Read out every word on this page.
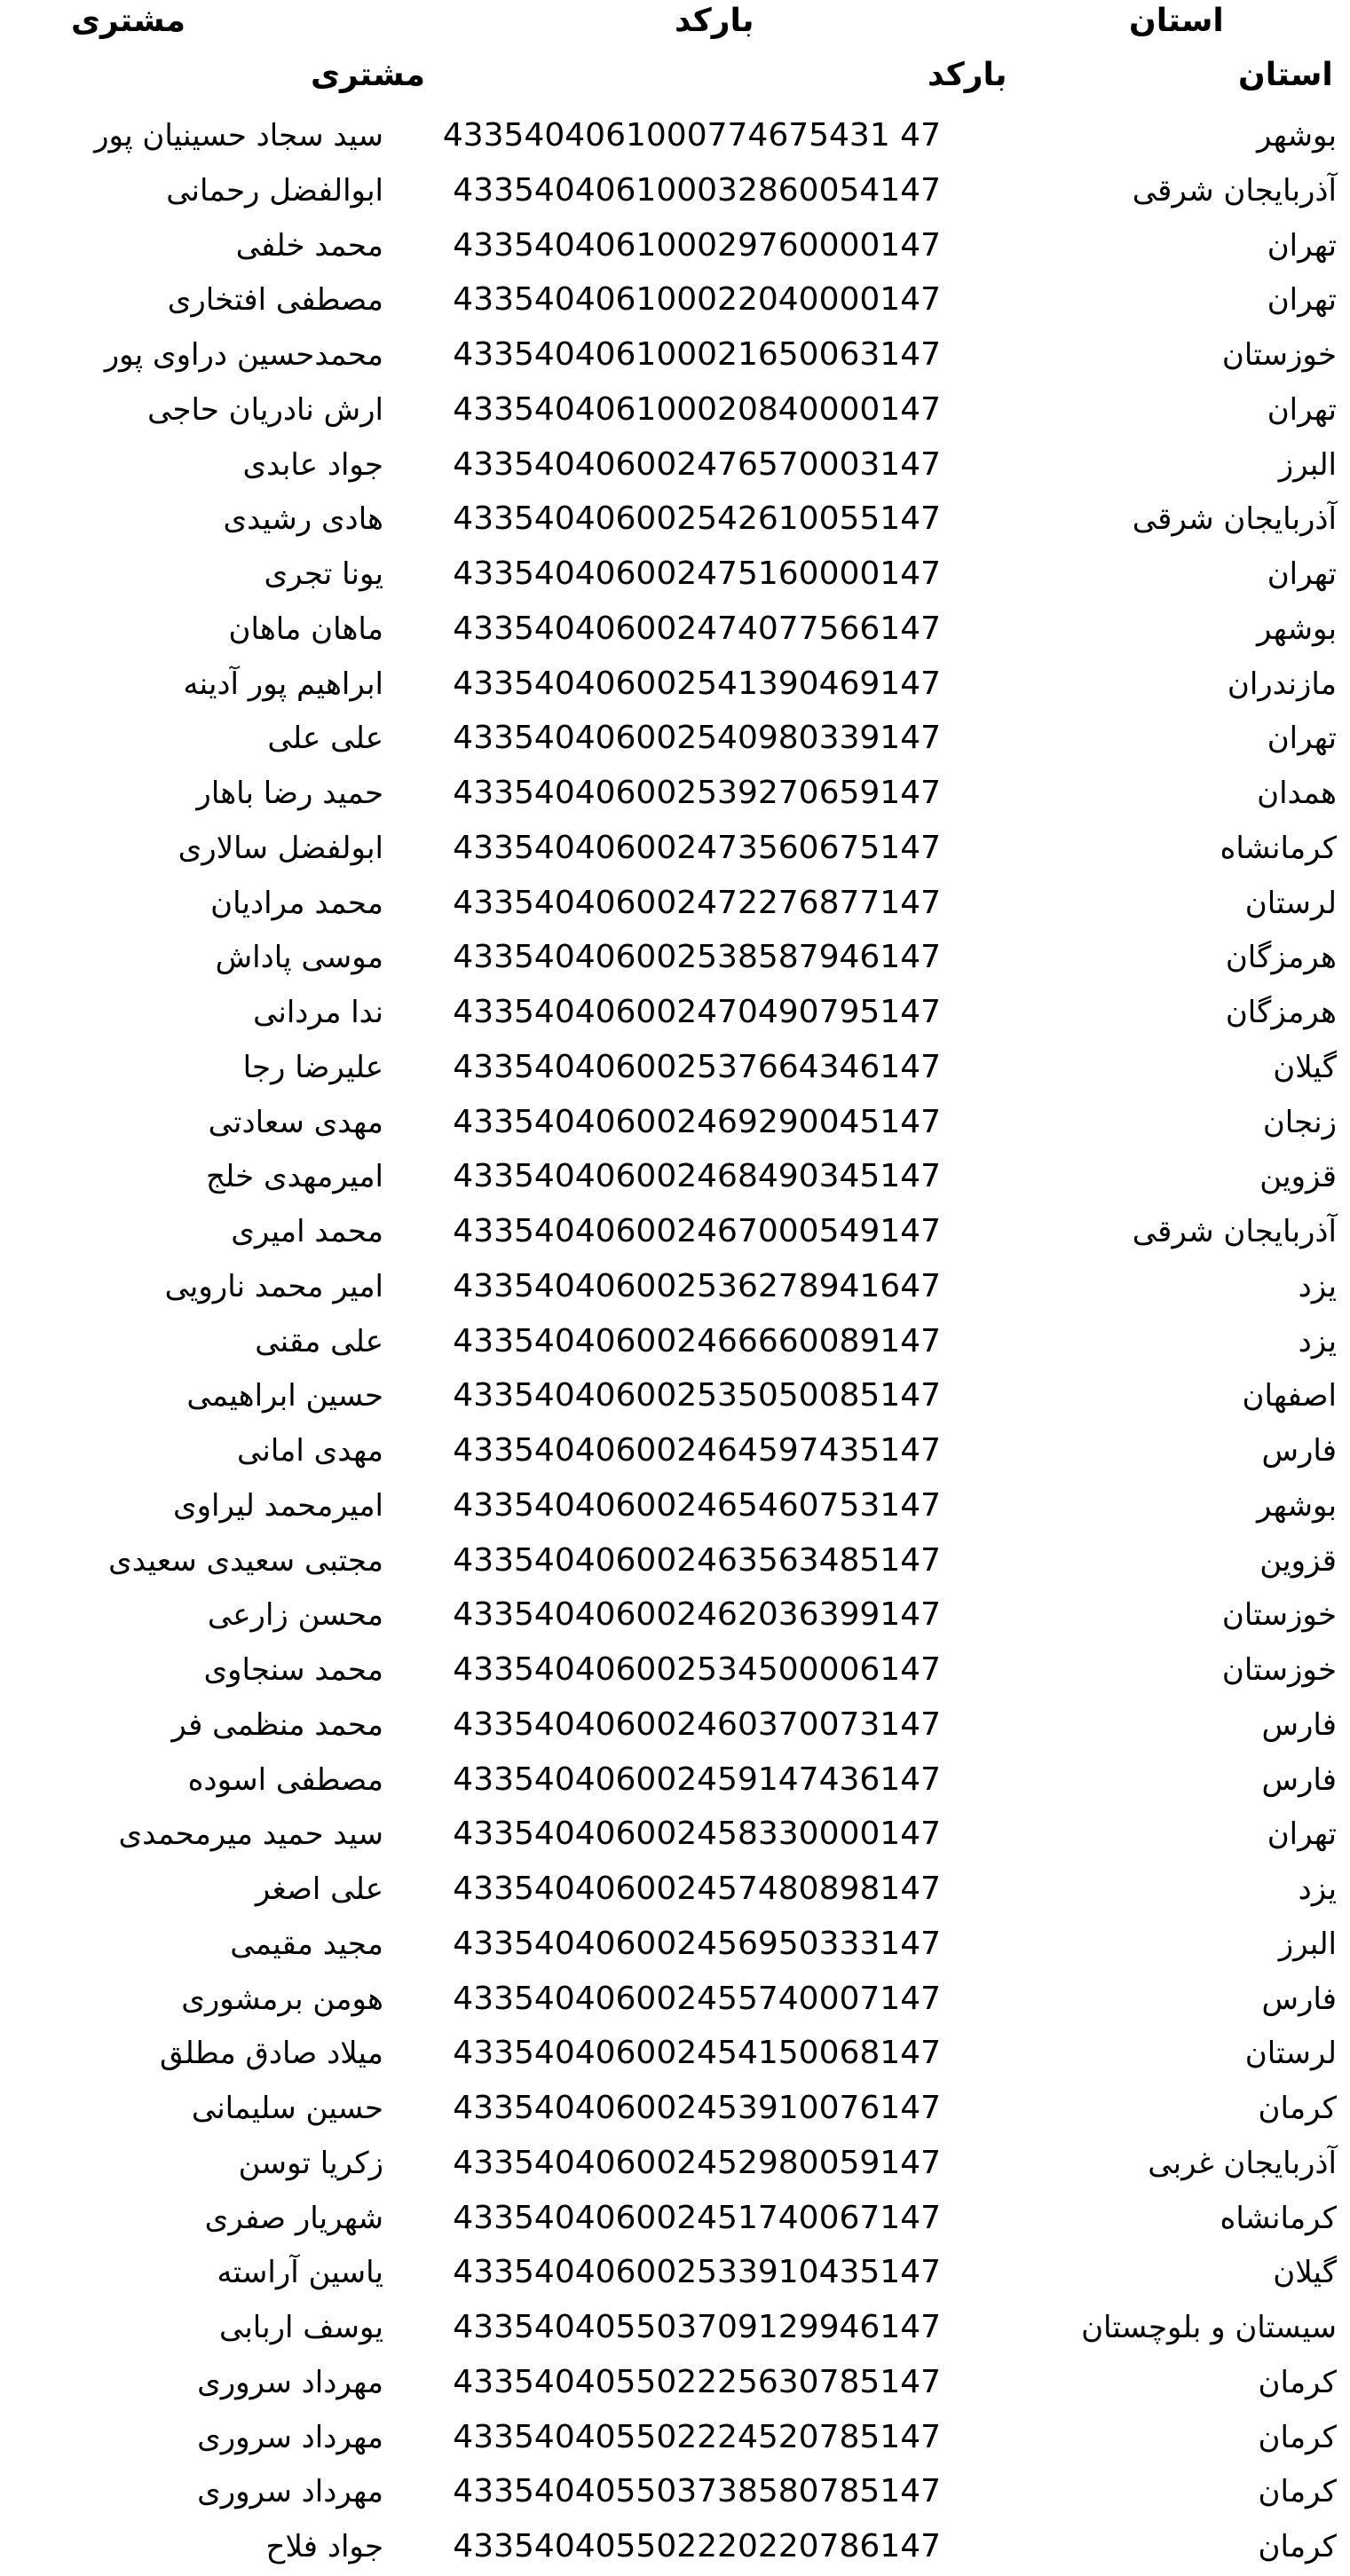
مشتری	بارکد	استان
مشتری	بارکد	استان
سید سجاد حسینیان پور	4335404061000774675431 47	بوشهر
ابوالفضل رحمانی	433540406100032860054147	آذربایجان شرقی
محمد خلفی	433540406100029760000147	تهران
مصطفی افتخاری	433540406100022040000147	تهران
محمدحسین دراوی پور	433540406100021650063147	خوزستان
ارش نادریان حاجی	433540406100020840000147	تهران
جواد عابدی	433540406002476570003147	البرز
هادی رشیدی	433540406002542610055147	آذربایجان شرقی
یونا تجری	433540406002475160000147	تهران
ماهان ماهان	433540406002474077566147	بوشهر
ابراهیم پور آدینه	433540406002541390469147	مازندران
علی علی	433540406002540980339147	تهران
حمید رضا باهار	433540406002539270659147	همدان
ابولفضل سالاری	433540406002473560675147	کرمانشاه
محمد مرادیان	433540406002472276877147	لرستان
موسی پاداش	433540406002538587946147	هرمزگان
ندا مردانی	433540406002470490795147	هرمزگان
علیرضا رجا	433540406002537664346147	گیلان
مهدی سعادتی	433540406002469290045147	زنجان
امیرمهدی خلج	433540406002468490345147	قزوین
محمد امیری	433540406002467000549147	آذربایجان شرقی
امیر محمد نارویی	433540406002536278941647	یزد
علی مقنی	433540406002466660089147	یزد
حسین ابراهیمی	433540406002535050085147	اصفهان
مهدی امانی	433540406002464597435147	فارس
امیرمحمد لیراوی	433540406002465460753147	بوشهر
مجتبی سعیدی سعیدی	433540406002463563485147	قزوین
محسن زارعی	433540406002462036399147	خوزستان
محمد سنجاوی	433540406002534500006147	خوزستان
محمد منظمی فر	433540406002460370073147	فارس
مصطفی اسوده	433540406002459147436147	فارس
سید حمید میرمحمدی	433540406002458330000147	تهران
علی اصغر	433540406002457480898147	یزد
مجید مقیمی	433540406002456950333147	البرز
هومن برمشوری	433540406002455740007147	فارس
میلاد صادق مطلق	433540406002454150068147	لرستان
حسین سلیمانی	433540406002453910076147	کرمان
زکریا توسن	433540406002452980059147	آذربایجان غربی
شهریار صفری	433540406002451740067147	کرمانشاه
یاسین آراسته	433540406002533910435147	گیلان
یوسف اربابی	433540405503709129946147	سیستان و بلوچستان
مهرداد سروری	433540405502225630785147	کرمان
مهرداد سروری	433540405502224520785147	کرمان
مهرداد سروری	433540405503738580785147	کرمان
جواد فلاح	433540405502220220786147	کرمان
